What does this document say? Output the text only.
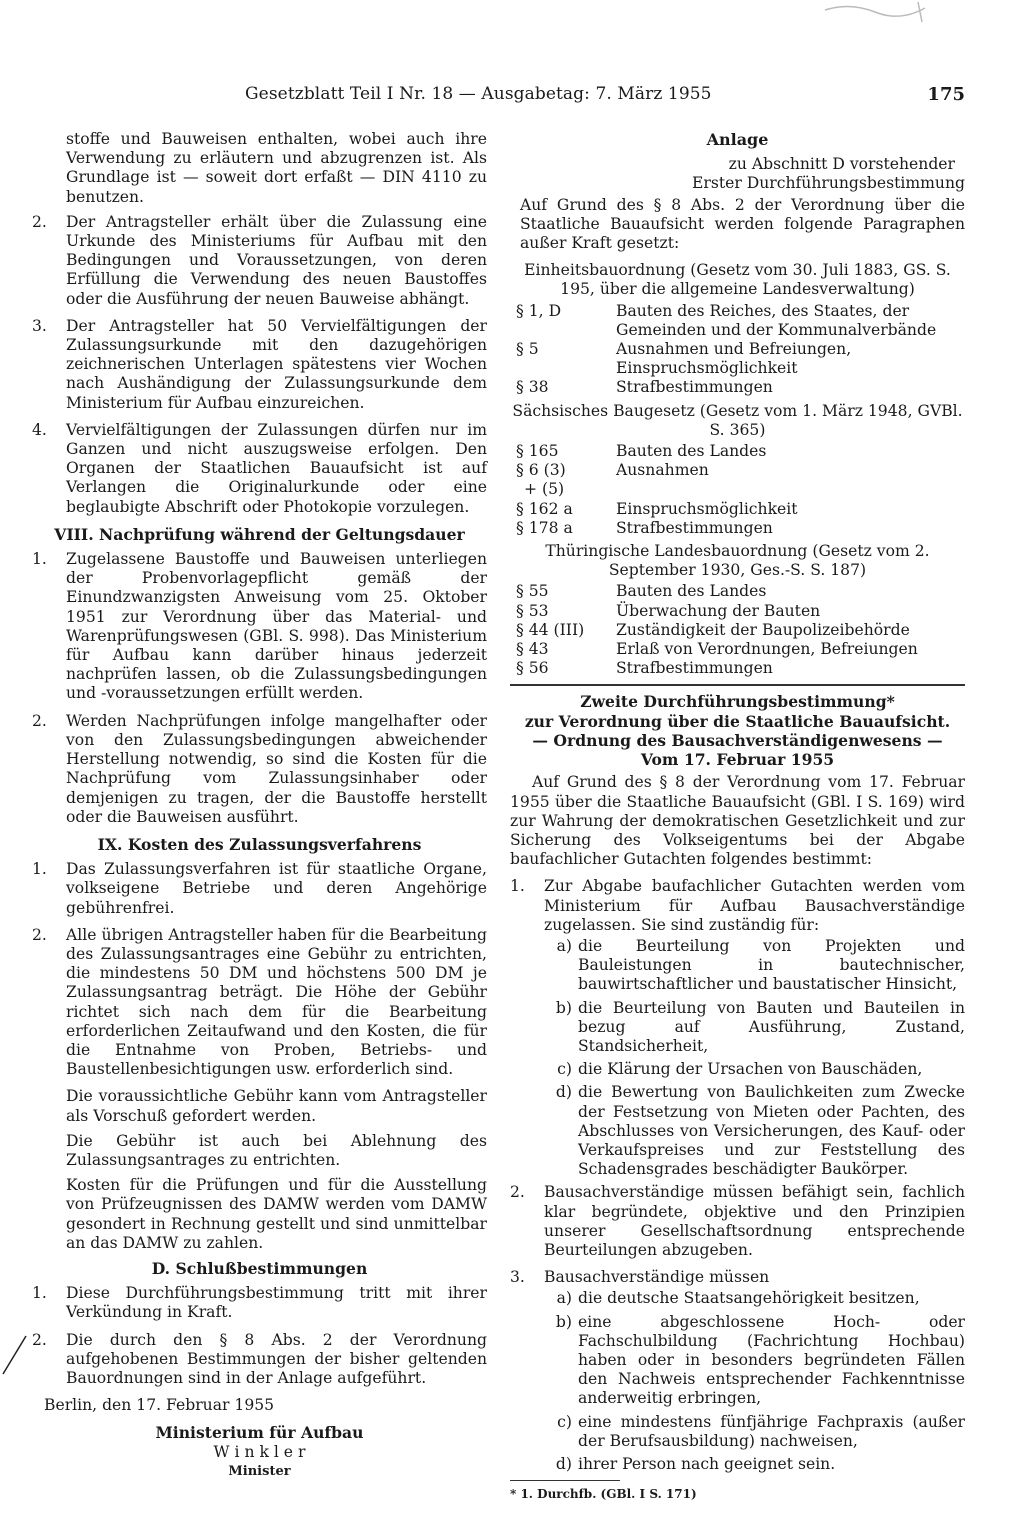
Gesetzblatt Teil I Nr. 18 — Ausgabetag: 7. März 1955	175
stoffe und Bauweisen enthalten, wobei auch ihre Verwendung zu erläutern und abzugrenzen ist. Als Grundlage ist — soweit dort erfaßt — DIN 4110 zu benutzen.
2.	Der Antragsteller erhält über die Zulassung eine Urkunde des Ministeriums für Aufbau mit den Bedingungen und Voraussetzungen, von deren Erfüllung die Verwendung des neuen Baustoffes oder die Ausführung der neuen Bauweise abhängt.
3.	Der Antragsteller hat 50 Vervielfältigungen der Zulassungsurkunde mit den dazugehörigen zeichnerischen Unterlagen spätestens vier Wochen nach Aushändigung der Zulassungsurkunde dem Ministerium für Aufbau einzureichen.
4.	Vervielfältigungen der Zulassungen dürfen nur im Ganzen und nicht auszugsweise erfolgen. Den Organen der Staatlichen Bauaufsicht ist auf Verlangen die Originalurkunde oder eine beglaubigte Abschrift oder Photokopie vorzulegen.
VIII. Nachprüfung während der Geltungsdauer
1.	Zugelassene Baustoffe und Bauweisen unterliegen der Probenvorlagepflicht gemäß der Einundzwanzigsten Anweisung vom 25. Oktober 1951 zur Verordnung über das Material- und Warenprüfungswesen (GBl. S. 998). Das Ministerium für Aufbau kann darüber hinaus jederzeit nachprüfen lassen, ob die Zulassungsbedingungen und -voraussetzungen erfüllt werden.
2.	Werden Nachprüfungen infolge mangelhafter oder von den Zulassungsbedingungen abweichender Herstellung notwendig, so sind die Kosten für die Nachprüfung vom Zulassungsinhaber oder demjenigen zu tragen, der die Baustoffe herstellt oder die Bauweisen ausführt.
IX. Kosten des Zulassungsverfahrens
1.	Das Zulassungsverfahren ist für staatliche Organe, volkseigene Betriebe und deren Angehörige gebührenfrei.
2.	Alle übrigen Antragsteller haben für die Bearbeitung des Zulassungsantrages eine Gebühr zu entrichten, die mindestens 50 DM und höchstens 500 DM je Zulassungsantrag beträgt. Die Höhe der Gebühr richtet sich nach dem für die Bearbeitung erforderlichen Zeitaufwand und den Kosten, die für die Entnahme von Proben, Betriebs- und Baustellenbesichtigungen usw. erforderlich sind.
Die voraussichtliche Gebühr kann vom Antragsteller als Vorschuß gefordert werden.
Die Gebühr ist auch bei Ablehnung des Zulassungsantrages zu entrichten.
Kosten für die Prüfungen und für die Ausstellung von Prüfzeugnissen des DAMW werden vom DAMW gesondert in Rechnung gestellt und sind unmittelbar an das DAMW zu zahlen.
D. Schlußbestimmungen
1.	Diese Durchführungsbestimmung tritt mit ihrer Verkündung in Kraft.
2.	Die durch den § 8 Abs. 2 der Verordnung aufgehobenen Bestimmungen der bisher geltenden Bauordnungen sind in der Anlage aufgeführt.
Berlin, den 17. Februar 1955
Ministerium für Aufbau
W i n k l e r
Minister
Anlage
zu Abschnitt D vorstehender
Erster Durchführungsbestimmung
Auf Grund des § 8 Abs. 2 der Verordnung über die Staatliche Bauaufsicht werden folgende Paragraphen außer Kraft gesetzt:
Einheitsbauordnung (Gesetz vom 30. Juli 1883, GS. S. 195, über die allgemeine Landesverwaltung)
§ 1, D	Bauten des Reiches, des Staates, der Gemeinden und der Kommunalverbände
§ 5	Ausnahmen und Befreiungen, Einspruchsmöglichkeit
§ 38	Strafbestimmungen
Sächsisches Baugesetz (Gesetz vom 1. März 1948, GVBl. S. 365)
§ 165	Bauten des Landes
§ 6 (3)	Ausnahmen
+ (5)
§ 162 a	Einspruchsmöglichkeit
§ 178 a	Strafbestimmungen
Thüringische Landesbauordnung (Gesetz vom 2. September 1930, Ges.-S. S. 187)
§ 55	Bauten des Landes
§ 53	Überwachung der Bauten
§ 44 (III)	Zuständigkeit der Baupolizeibehörde
§ 43	Erlaß von Verordnungen, Befreiungen
§ 56	Strafbestimmungen
Zweite Durchführungsbestimmung*
zur Verordnung über die Staatliche Bauaufsicht.
— Ordnung des Bausachverständigenwesens —
Vom 17. Februar 1955
Auf Grund des § 8 der Verordnung vom 17. Februar 1955 über die Staatliche Bauaufsicht (GBl. I S. 169) wird zur Wahrung der demokratischen Gesetzlichkeit und zur Sicherung des Volkseigentums bei der Abgabe baufachlicher Gutachten folgendes bestimmt:
1.	Zur Abgabe baufachlicher Gutachten werden vom Ministerium für Aufbau Bausachverständige zugelassen. Sie sind zuständig für:
a) die Beurteilung von Projekten und Bauleistungen in bautechnischer, bauwirtschaftlicher und baustatischer Hinsicht,
b) die Beurteilung von Bauten und Bauteilen in bezug auf Ausführung, Zustand, Standsicherheit,
c) die Klärung der Ursachen von Bauschäden,
d) die Bewertung von Baulichkeiten zum Zwecke der Festsetzung von Mieten oder Pachten, des Abschlusses von Versicherungen, des Kauf- oder Verkaufspreises und zur Feststellung des Schadensgrades beschädigter Baukörper.
2.	Bausachverständige müssen befähigt sein, fachlich klar begründete, objektive und den Prinzipien unserer Gesellschaftsordnung entsprechende Beurteilungen abzugeben.
3.	Bausachverständige müssen
a) die deutsche Staatsangehörigkeit besitzen,
b) eine abgeschlossene Hoch- oder Fachschulbildung (Fachrichtung Hochbau) haben oder in besonders begründeten Fällen den Nachweis entsprechender Fachkenntnisse anderweitig erbringen,
c) eine mindestens fünfjährige Fachpraxis (außer der Berufsausbildung) nachweisen,
d) ihrer Person nach geeignet sein.
* 1. Durchfb. (GBl. I S. 171)
